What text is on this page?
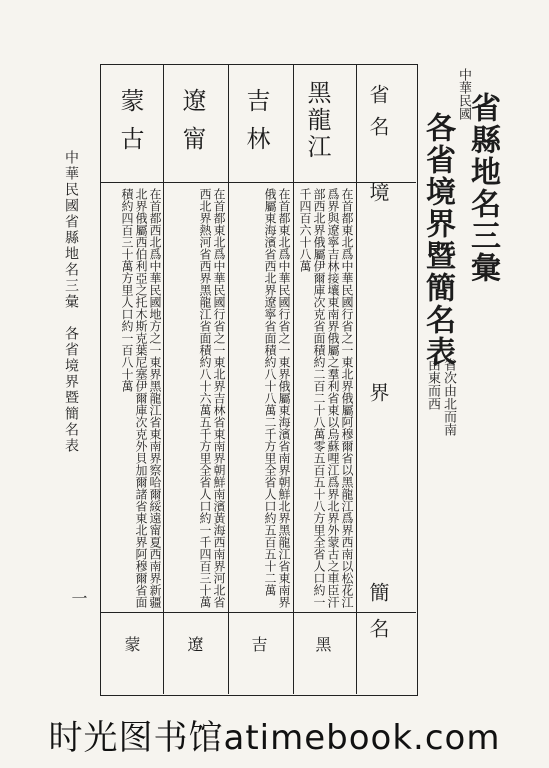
中華民國省縣地名三彙　各省境界暨簡名表
一
中華民國
省縣地名三彙
各省境界暨簡名表
省次由北而南由東而西
省名
境界
簡名
黑龍江
在首都東北爲中華民國行省之一東北界俄屬阿穆爾省以黑龍江爲界西南以松花江爲界與遼寧吉林接壤東南界俄屬之羣利省東以烏蘇哩江爲界北界外蒙古之車臣汗部西北界俄屬伊爾庫次克省面積約二百二十八萬零五百五十八方里全省人口約一千四百六十八萬
黑
吉林
在首都東北爲中華民國行省之一東界俄屬東海濱省南界朝鮮北界黑龍江省東南界俄屬東海濱省西北界遼寧省面積約八十八萬二千方里全省人口約五百五十二萬
吉
遼甯
在首都東北爲中華民國行省之一東北界吉林省東南界朝鮮南濱黃海西南界河北省西北界熱河省西界黑龍江省面積約八十六萬五千方里全省人口約一千四百三十萬
遼
蒙古
在首都西北爲中華民國地方之一東界黑龍江省東南界察哈爾綏遠甯夏西南界新疆北界俄屬西伯利亞之托木斯克葉尼塞伊爾庫次克外貝加爾諸省東北界阿穆爾省面積約四百三十萬方里人口約一百八十萬
蒙
时光图书馆atimebook.com
